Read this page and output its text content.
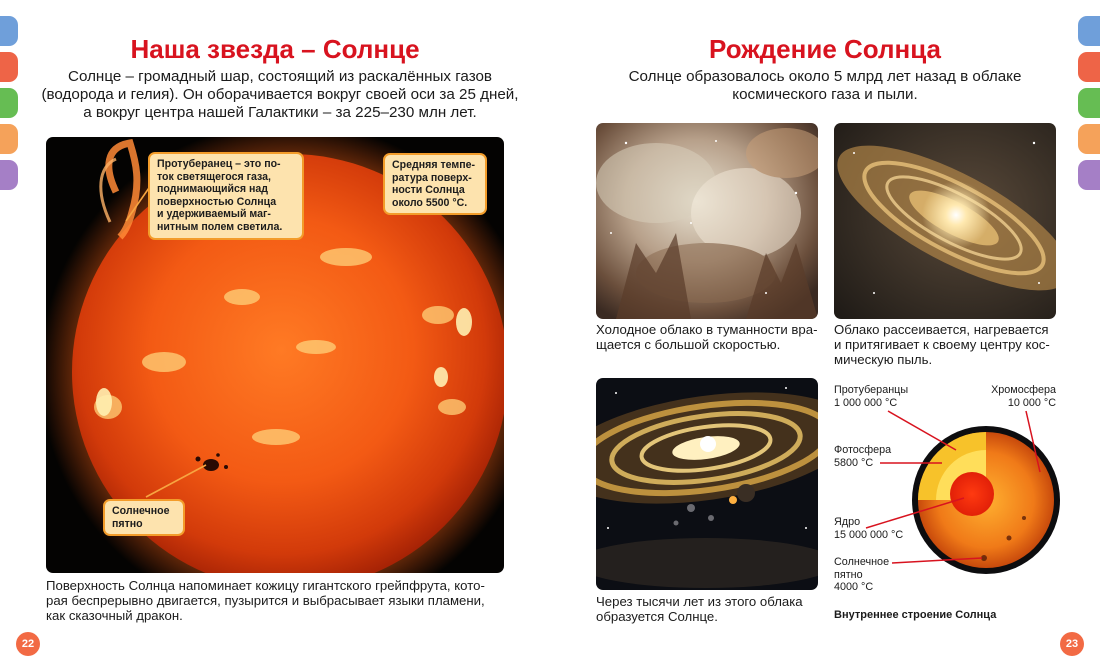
Наша звезда – Солнце
Солнце – громадный шар, состоящий из раскалённых газов
(водорода и гелия). Он оборачивается вокруг своей оси за 25 дней,
а вокруг центра нашей Галактики – за 225–230 млн лет.
Протуберанец – это по-
ток светящегося газа,
поднимающийся над
поверхностью Солнца
и удерживаемый маг-
нитным полем светила.
Средняя темпе-
ратура поверх-
ности Солнца
около 5500 °С.
Солнечное
пятно
Поверхность Солнца напоминает кожицу гигантского грейпфрута, кото-
рая беспрерывно двигается, пузырится и выбрасывает языки пламени,
как сказочный дракон.
22
Рождение Солнца
Солнце образовалось около 5 млрд лет назад в облаке
космического газа и пыли.
Холодное облако в туманности вра-
щается с большой скоростью.
Облако рассеивается, нагревается
и притягивает к своему центру кос-
мическую пыль.
Через тысячи лет из этого облака
образуется Солнце.
Протуберанцы
1 000 000 °С
Хромосфера
10 000 °С
Фотосфера
5800 °С
Ядро
15 000 000 °С
Солнечное
пятно
4000 °С
Внутреннее строение Солнца
23
